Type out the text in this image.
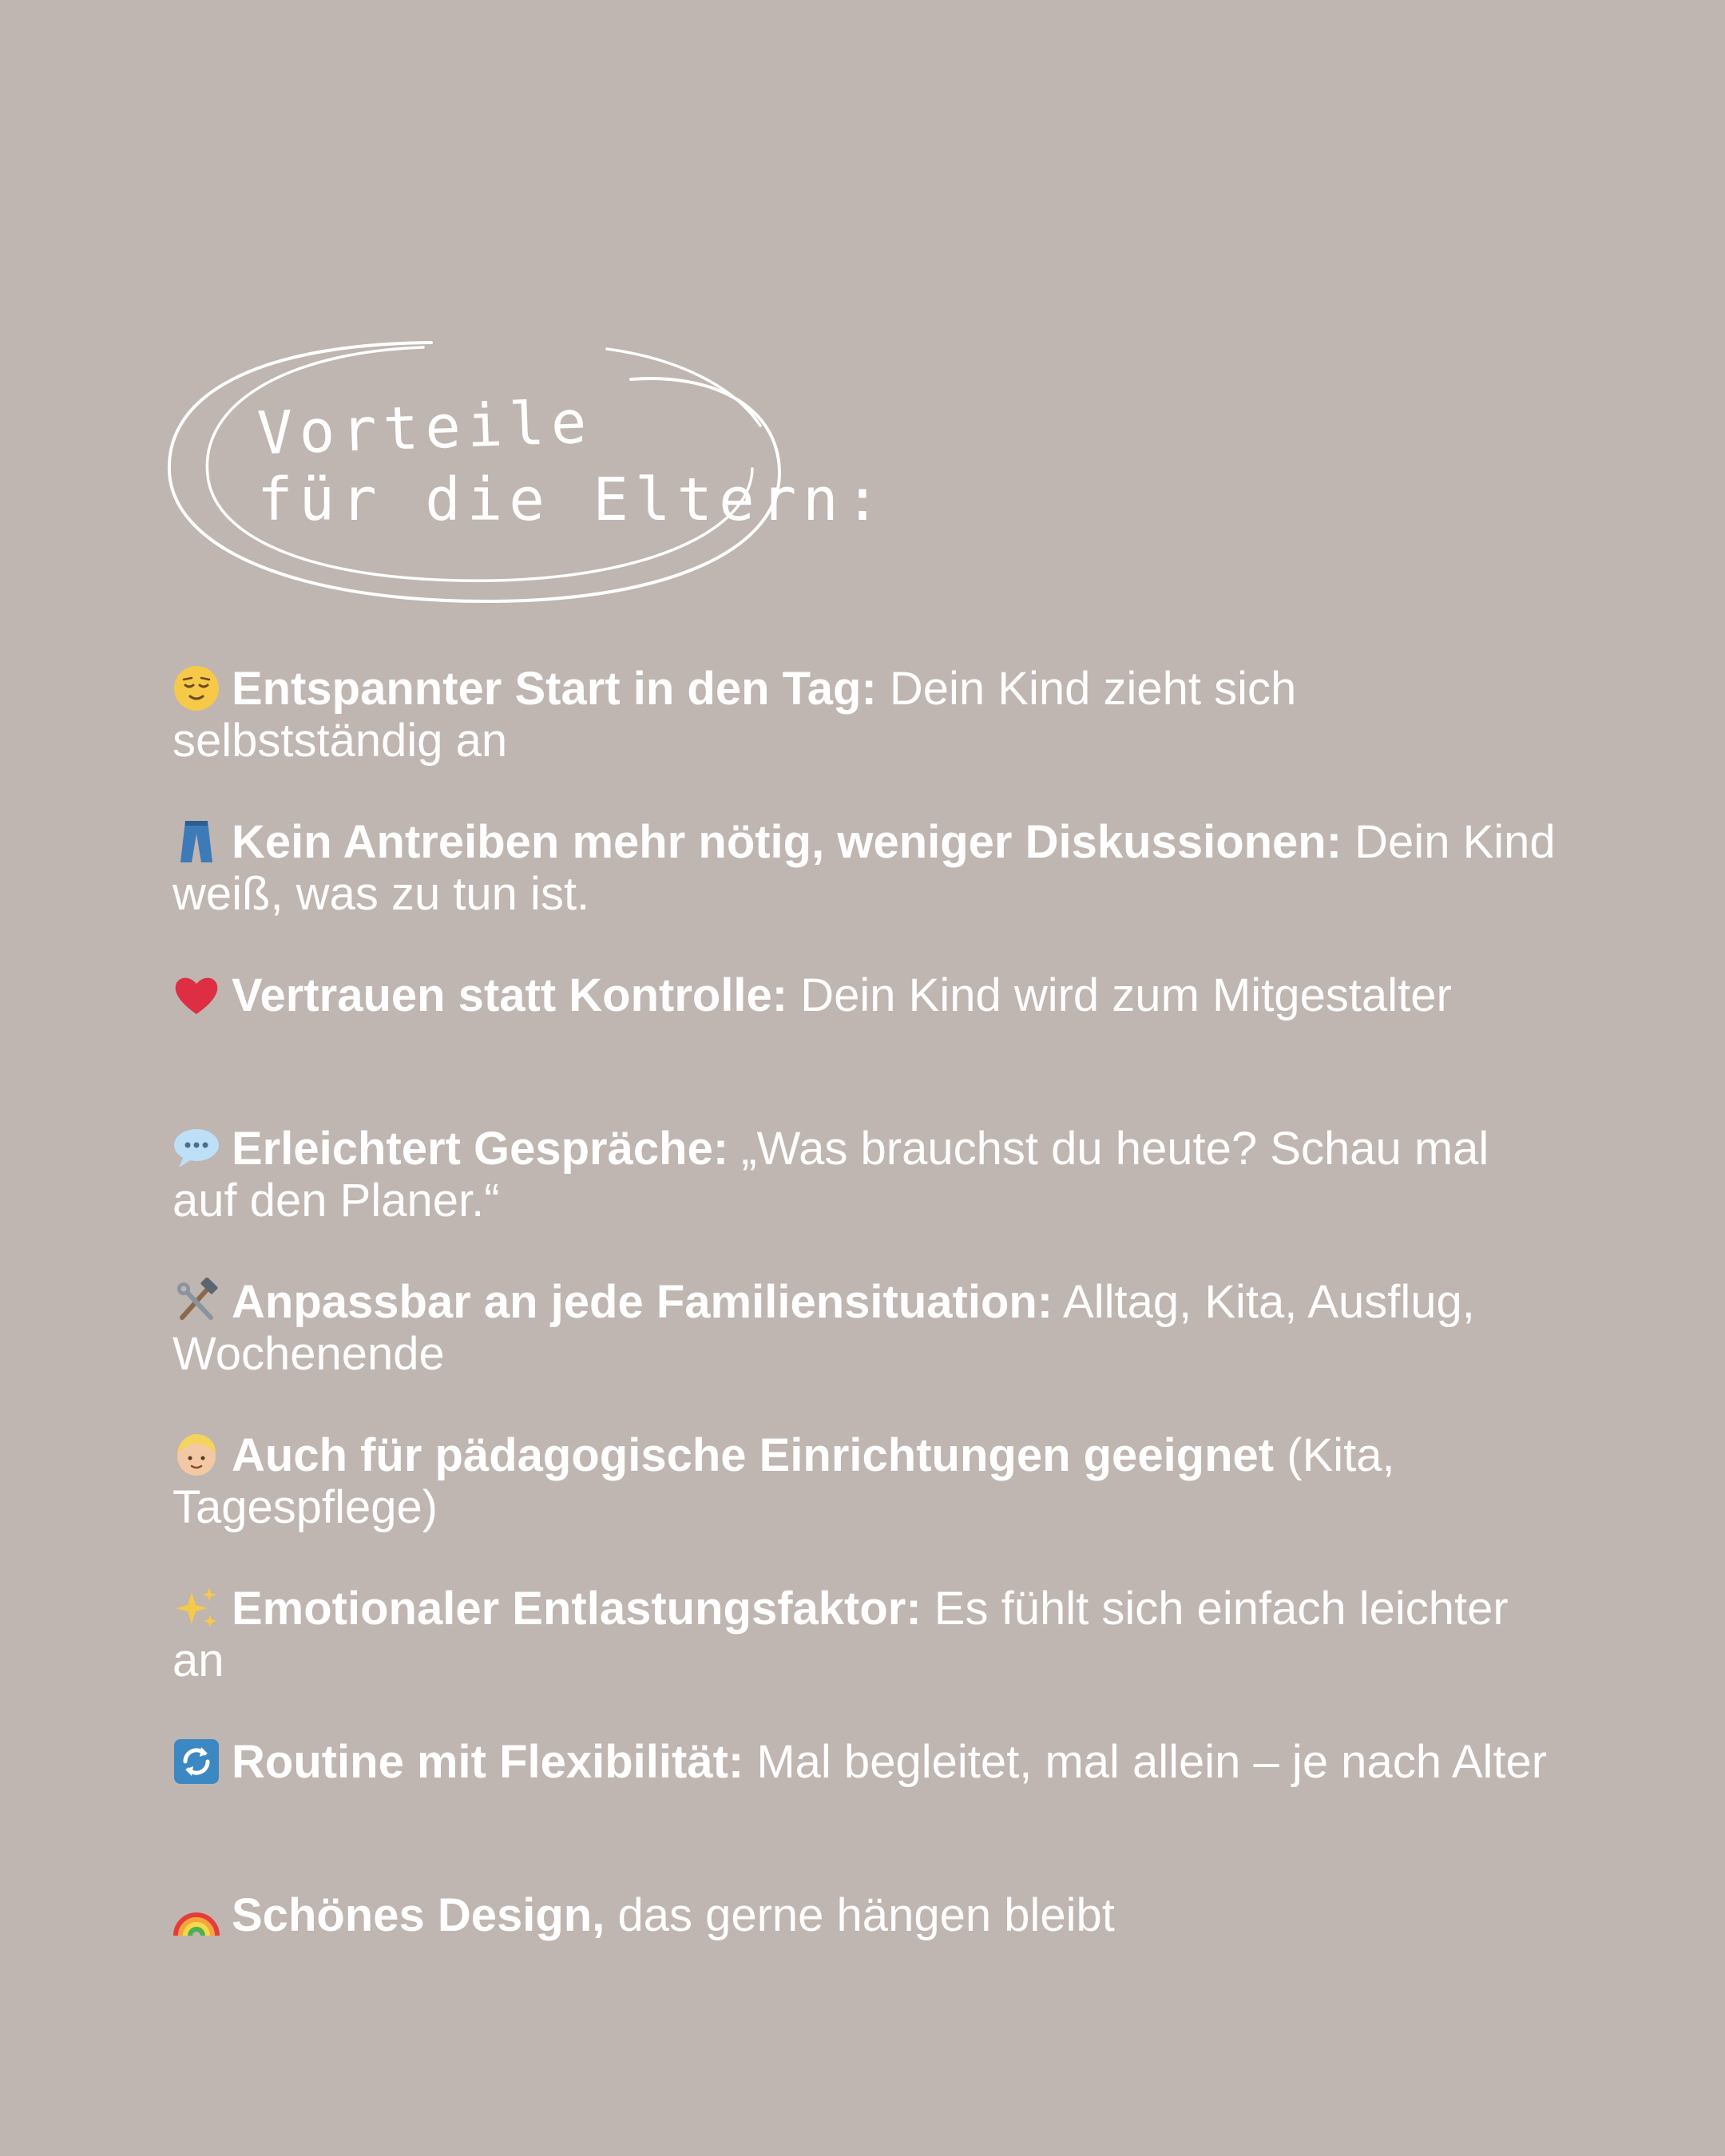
Vorteile
für die Eltern:
Entspannter Start in den Tag: Dein Kind zieht sich selbstständig an
Kein Antreiben mehr nötig, weniger Diskussionen: Dein Kind weiß, was zu tun ist.
Vertrauen statt Kontrolle: Dein Kind wird zum Mitgestalter
Erleichtert Gespräche: „Was brauchst du heute? Schau mal auf den Planer.“
Anpassbar an jede Familiensituation: Alltag, Kita, Ausflug, Wochenende
Auch für pädagogische Einrichtungen geeignet (Kita, Tagespflege)
Emotionaler Entlastungsfaktor: Es fühlt sich einfach leichter an
Routine mit Flexibilität: Mal begleitet, mal allein – je nach Alter
Schönes Design, das gerne hängen bleibt
